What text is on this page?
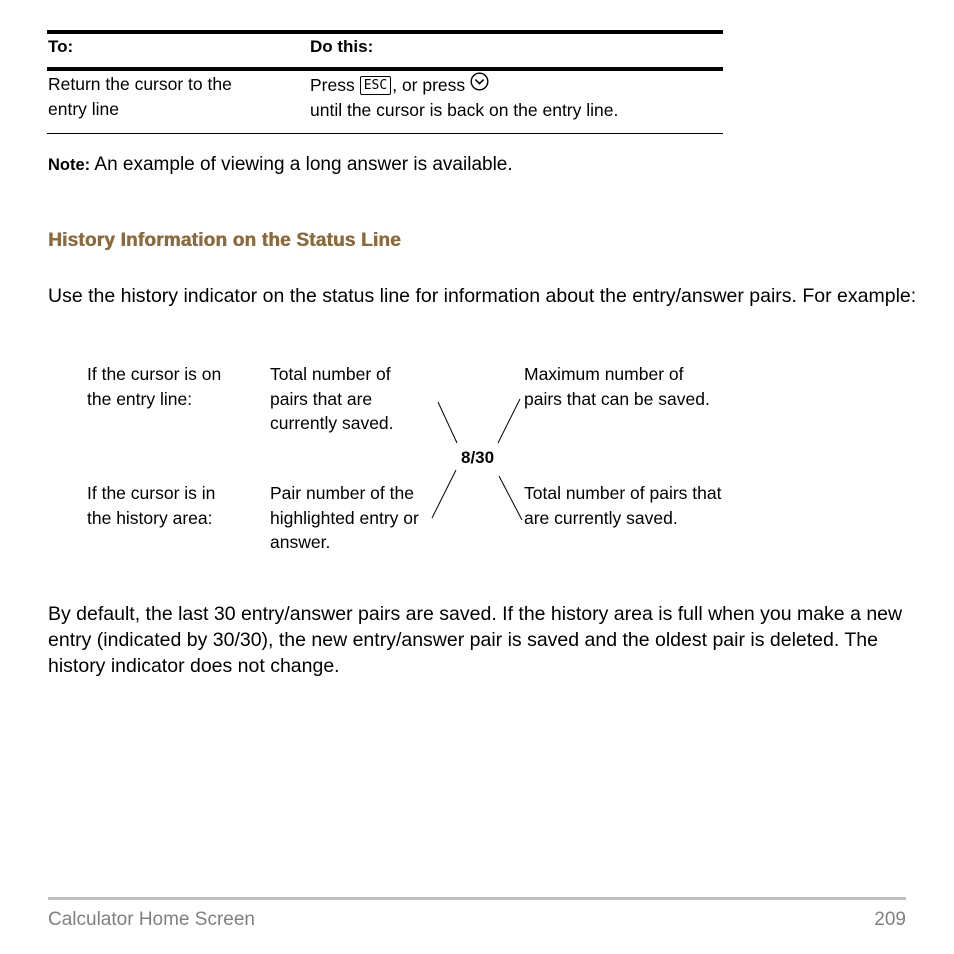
To:	Do this:
Return the cursor to the entry line
Press ESC , or press
until the cursor is back on the entry line.
Note: An example of viewing a long answer is available.
History Information on the Status Line
Use the history indicator on the status line for information about the entry/answer pairs. For example:
If the cursor is on the entry line:
Total number of pairs that are currently saved.
Maximum number of pairs that can be saved.
8/30
If the cursor is in the history area:
Pair number of the highlighted entry or answer.
Total number of pairs that are currently saved.
By default, the last 30 entry/answer pairs are saved. If the history area is full when you make a new entry (indicated by 30/30), the new entry/answer pair is saved and the oldest pair is deleted. The history indicator does not change.
Calculator Home Screen	209
